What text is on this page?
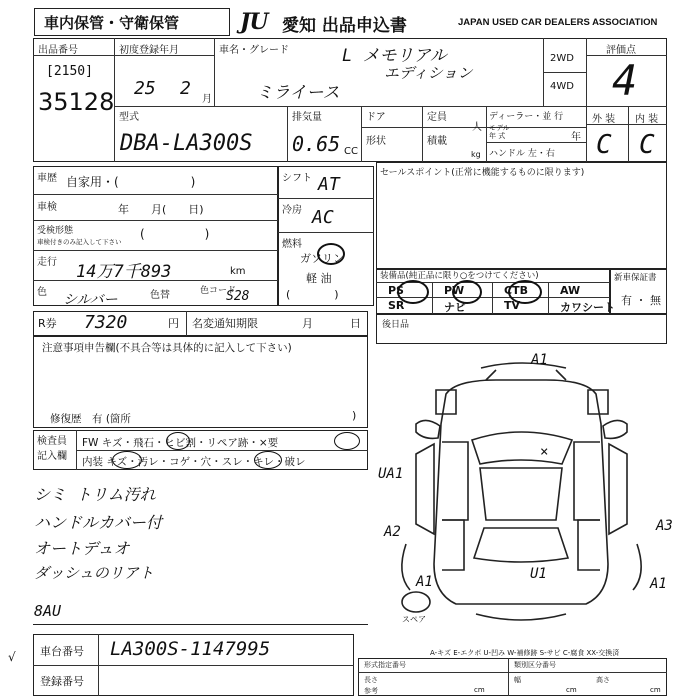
車内保管・守衛保管	JU 愛知 出品申込書	JAPAN USED CAR DEALERS ASSOCIATION
出品番号
[2150]
35128
初度登録年月
25 2
月
車名・グレード	L メモリアル
エディション
ミライース
2WD
4WD
評価点
4
外 装 内 装
C C
型式
DBA-LA300S
排気量
0.65 CC
ドア	定員
人
形状	積載
kg
ディーラー・並 行
モデル
年 式	年
ハンドル 左・右
車歴 自家用・(　　　　　　)
車検	年　　月(　　日)
受検形態
車検付きのみ記入して下さい
(     )
走行 14万7千893	km
色 シルバー	色替	色コード
S28
シフト AT
冷房 AC
燃料
ガソリン
軽 油
(    )
セールスポイント(正常に機能するものに限ります)
装備品(純正品に限り○をつけてください)
PS	PW	CTB	AW
SR	ナビ	TV	カワシート
新車保証書
有 ・ 無
R券 7320	円 名変通知期限	月	日 後日品
注意事項申告欄(不具合等は具体的に記入して下さい)
修復歴　有 (箇所	)
検査員
記入欄
FW キズ・飛石・ヒビ割・リペア跡・×要
内装 キズ・汚レ・コゲ・穴・スレ・キレ・破レ
シミ トリム汚れ
ハンドルカバー付
オートデュオ
ダッシュのリアト
8AU
A1
UA1
A2	A3
A1	A1
U1
×
スペア
A-キズ E-エクボ U-凹み W-補修跡 S-サビ C-腐食 XX-交換済
車台番号 LA300S-1147995
登録番号
√
形式指定番号	類別区分番号
長さ
参考	cm
幅
cm
高さ
cm
